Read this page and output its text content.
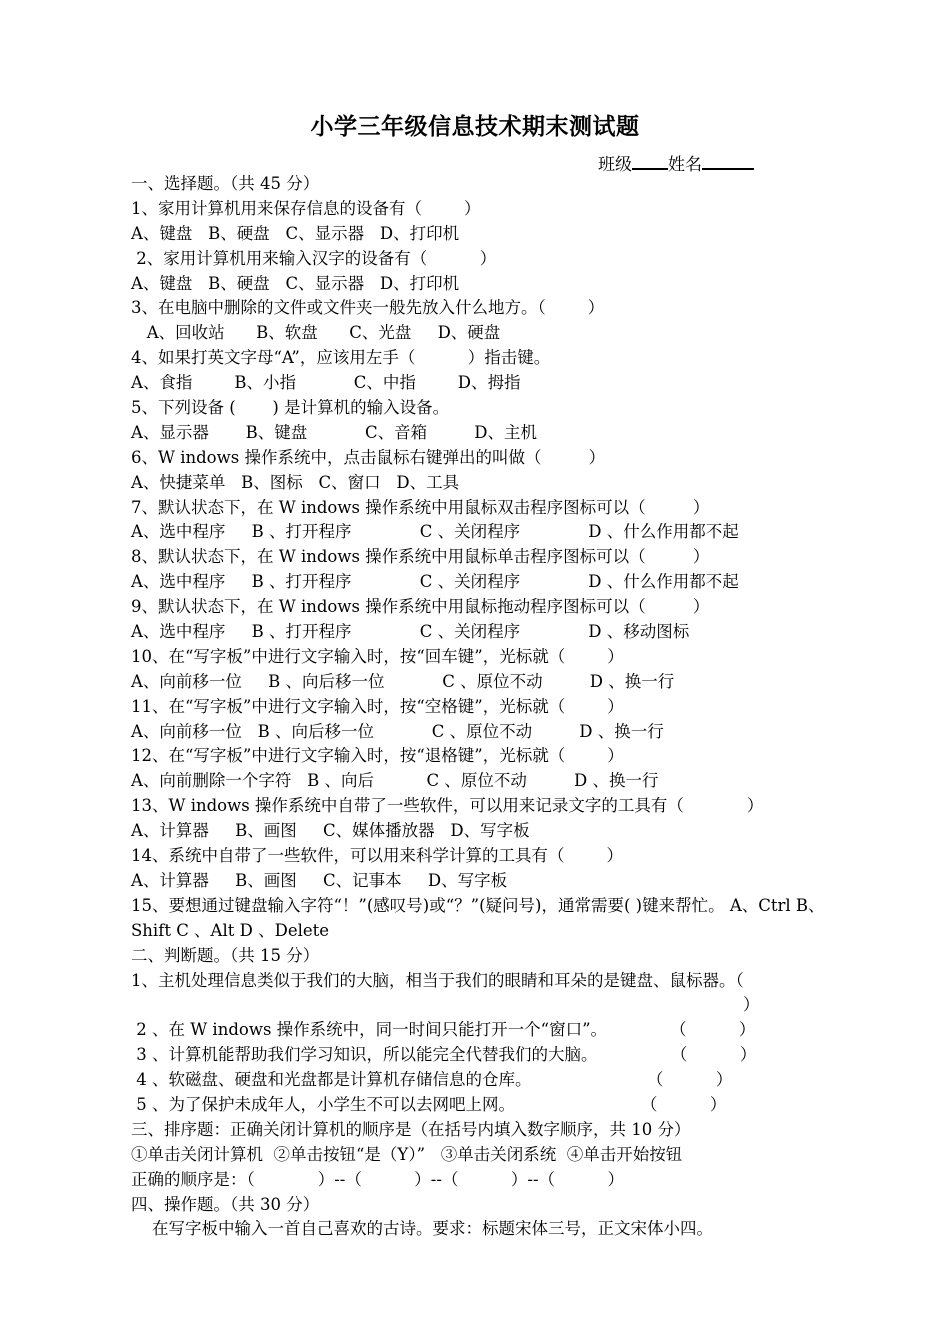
小学三年级信息技术期末测试题
班级 姓名
一、选择题。（共 45 分）
1、家用计算机用来保存信息的设备有（        ）
A、键盘   B、硬盘   C、显示器   D、打印机
2、家用计算机用来输入汉字的设备有（          ）
A、键盘   B、硬盘   C、显示器   D、打印机
3、在电脑中删除的文件或文件夹一般先放入什么地方。（        ）
A、回收站      B、软盘      C、光盘     D、硬盘
4、如果打英文字母“A”，应该用左手（          ）指击键。
A、食指        B、小指           C、中指        D、拇指
5、下列设备 (       ) 是计算机的输入设备。
A、显示器       B、键盘           C、音箱         D、主机
6、W indows 操作系统中，点击鼠标右键弹出的叫做（         ）
A、快捷菜单   B、图标   C、窗口   D、工具
7、默认状态下，在 W indows 操作系统中用鼠标双击程序图标可以（         ）
A、选中程序     B 、打开程序             C 、关闭程序             D 、什么作用都不起
8、默认状态下，在 W indows 操作系统中用鼠标单击程序图标可以（         ）
A、选中程序     B 、打开程序             C 、关闭程序             D 、什么作用都不起
9、默认状态下，在 W indows 操作系统中用鼠标拖动程序图标可以（         ）
A、选中程序     B 、打开程序             C 、关闭程序             D 、移动图标
10、在“写字板”中进行文字输入时，按“回车键”，光标就（        ）
A、向前移一位     B 、向后移一位           C 、原位不动         D 、换一行
11、在“写字板”中进行文字输入时，按“空格键”，光标就（        ）
A、向前移一位   B 、向后移一位           C 、原位不动         D 、换一行
12、在“写字板”中进行文字输入时，按“退格键”，光标就（        ）
A、向前删除一个字符   B 、向后          C 、原位不动         D 、换一行
13、W indows 操作系统中自带了一些软件，可以用来记录文字的工具有（            ）
A、计算器     B、画图     C、媒体播放器   D、写字板
14、系统中自带了一些软件，可以用来科学计算的工具有（        ）
A、计算器     B、画图     C、记事本     D、写字板
15、要想通过键盘输入字符“！”(感叹号)或“？”(疑问号)，通常需要( )键来帮忙。 A、Ctrl B、Shift C 、Alt D 、Delete
二、判断题。（共 15 分）
1、主机处理信息类似于我们的大脑，相当于我们的眼睛和耳朵的是键盘、鼠标器。（
）
2 、在 W indows 操作系统中，同一时间只能打开一个“窗口”。            （          ）
3 、计算机能帮助我们学习知识，所以能完全代替我们的大脑。              （          ）
4 、软磁盘、硬盘和光盘都是计算机存储信息的仓库。                      （          ）
5 、为了保护未成年人，小学生不可以去网吧上网。                        （          ）
三、排序题：正确关闭计算机的顺序是（在括号内填入数字顺序，共 10 分）
①单击关闭计算机  ②单击按钮“是（Y）”   ③单击关闭系统  ④单击开始按钮
正确的顺序是：（            ）--（          ）--（          ）--（          ）
四、操作题。（共 30 分）
在写字板中输入一首自己喜欢的古诗。要求：标题宋体三号，正文宋体小四。
